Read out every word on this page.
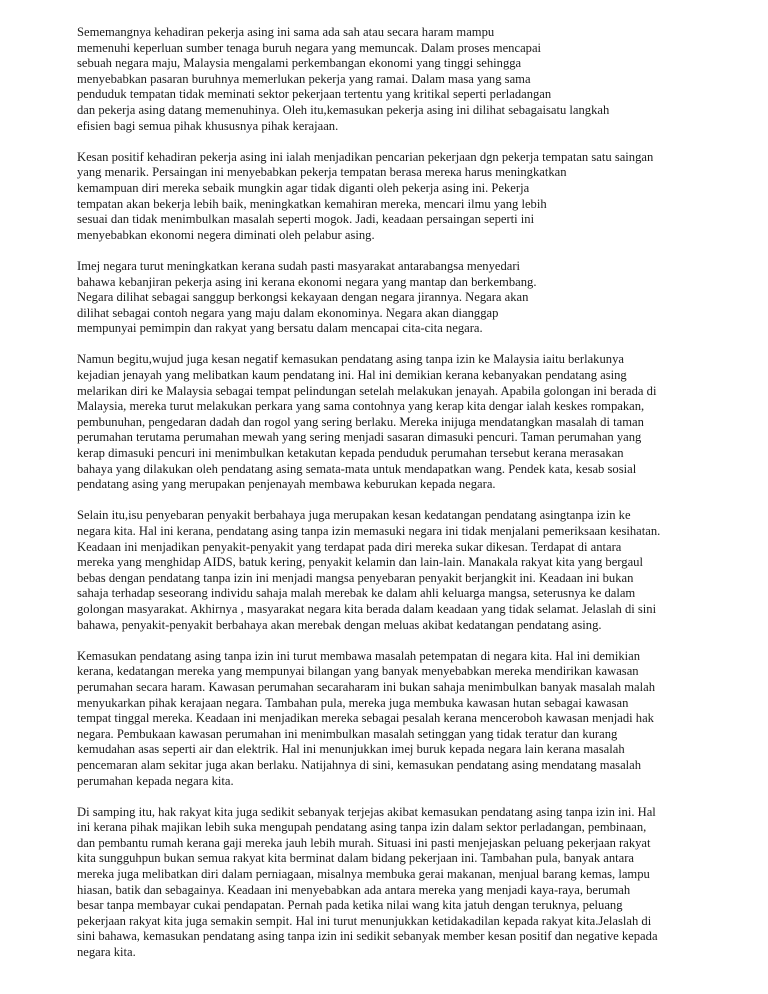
Sememangnya kehadiran pekerja asing ini sama ada sah atau secara haram mampu
memenuhi keperluan sumber tenaga buruh negara yang memuncak. Dalam proses mencapai
sebuah negara maju, Malaysia mengalami perkembangan ekonomi yang tinggi sehingga
menyebabkan pasaran buruhnya memerlukan pekerja yang ramai. Dalam masa yang sama
penduduk tempatan tidak meminati sektor pekerjaan tertentu yang kritikal seperti perladangan
dan pekerja asing datang memenuhinya. Oleh itu,kemasukan pekerja asing ini dilihat sebagaisatu langkah
efisien bagi semua pihak khususnya pihak kerajaan.

Kesan positif kehadiran pekerja asing ini ialah menjadikan pencarian pekerjaan dgn pekerja tempatan satu saingan
yang menarik. Persaingan ini menyebabkan pekerja tempatan berasa merека harus meningkatkan
kemampuan diri mereka sebaik mungkin agar tidak diganti oleh pekerja asing ini. Pekerja
tempatan akan bekerja lebih baik, meningkatkan kemahiran mereka, mencari ilmu yang lebih
sesuai dan tidak menimbulkan masalah seperti mogok. Jadi, keadaan persaingan seperti ini
menyebabkan ekonomi negera diminati oleh pelabur asing.

Imej negara turut meningkatkan kerana sudah pasti masyarakat antarabangsa menyedari
bahawa kebanjiran pekerja asing ini kerana ekonomi negara yang mantap dan berkembang.
Negara dilihat sebagai sanggup berkongsi kekayaan dengan negara jirannya. Negara akan
dilihat sebagai contoh negara yang maju dalam ekonominya. Negara akan dianggap
mempunyai pemimpin dan rakyat yang bersatu dalam mencapai cita-cita negara.

Namun begitu,wujud juga kesan negatif kemasukan pendatang asing tanpa izin ke Malaysia iaitu berlakunya
kejadian jenayah yang melibatkan kaum pendatang ini. Hal ini demikian kerana kebanyakan pendatang asing
melarikan diri ke Malaysia sebagai tempat pelindungan setelah melakukan jenayah. Apabila golongan ini berada di
Malaysia, mereka turut melakukan perkara yang sama contohnya yang kerap kita dengar ialah keskes rompakan,
pembunuhan, pengedaran dadah dan rogol yang sering berlaku. Mereka inijuga mendatangkan masalah di taman
perumahan terutama perumahan mewah yang sering menjadi sasaran dimasuki pencuri. Taman perumahan yang
kerap dimasuki pencuri ini menimbulkan ketakutan kepada penduduk perumahan tersebut kerana merasakan
bahaya yang dilakukan oleh pendatang asing semata-mata untuk mendapatkan wang. Pendek kata, kesab sosial
pendatang asing yang merupakan penjenayah membawa keburukan kepada negara.

Selain itu,isu penyebaran penyakit berbahaya juga merupakan kesan kedatangan pendatang asingtanpa izin ke
negara kita. Hal ini kerana, pendatang asing tanpa izin memasuki negara ini tidak menjalani pemeriksaan kesihatan.
Keadaan ini menjadikan penyakit-penyakit yang terdapat pada diri mereka sukar dikesan. Terdapat di antara
mereka yang menghidap AIDS, batuk kering, penyakit kelamin dan lain-lain. Manakala rakyat kita yang bergaul
bebas dengan pendatang tanpa izin ini menjadi mangsa penyebaran penyakit berjangkit ini. Keadaan ini bukan
sahaja terhadap seseorang individu sahaja malah merebak ke dalam ahli keluarga mangsa, seterusnya ke dalam
golongan masyarakat. Akhirnya , masyarakat negara kita berada dalam keadaan yang tidak selamat. Jelaslah di sini
bahawa, penyakit-penyakit berbahaya akan merebak dengan meluas akibat kedatangan pendatang asing.

Kemasukan pendatang asing tanpa izin ini turut membawa masalah petempatan di negara kita. Hal ini demikian
kerana, kedatangan mereka yang mempunyai bilangan yang banyak menyebabkan mereka mendirikan kawasan
perumahan secara haram. Kawasan perumahan secaraharam ini bukan sahaja menimbulkan banyak masalah malah
menyukarkan pihak kerajaan negara. Tambahan pula, mereka juga membuka kawasan hutan sebagai kawasan
tempat tinggal mereka. Keadaan ini menjadikan mereka sebagai pesalah kerana menceroboh kawasan menjadi hak
negara. Pembukaan kawasan perumahan ini menimbulkan masalah setinggan yang tidak teratur dan kurang
kemudahan asas seperti air dan elektrik. Hal ini menunjukkan imej buruk kepada negara lain kerana masalah
pencemaran alam sekitar juga akan berlaku. Natijahnya di sini, kemasukan pendatang asing mendatang masalah
perumahan kepada negara kita.

Di samping itu, hak rakyat kita juga sedikit sebanyak terjejas akibat kemasukan pendatang asing tanpa izin ini. Hal
ini kerana pihak majikan lebih suka mengupah pendatang asing tanpa izin dalam sektor perladangan, pembinaan,
dan pembantu rumah kerana gaji mereka jauh lebih murah. Situasi ini pasti menjejaskan peluang pekerjaan rakyat
kita sungguhpun bukan semua rakyat kita berminat dalam bidang pekerjaan ini. Tambahan pula, banyak antara
mereka juga melibatkan diri dalam perniagaan, misalnya membuka gerai makanan, menjual barang kemas, lampu
hiasan, batik dan sebagainya. Keadaan ini menyebabkan ada antara mereka yang menjadi kaya-raya, berumah
besar tanpa membayar cukai pendapatan. Pernah pada ketika nilai wang kita jatuh dengan teruknya, peluang
pekerjaan rakyat kita juga semakin sempit. Hal ini turut menunjukkan ketidakadilan kepada rakyat kita.Jelaslah di
sini bahawa, kemasukan pendatang asing tanpa izin ini sedikit sebanyak member kesan positif dan negative kepada
negara kita.
